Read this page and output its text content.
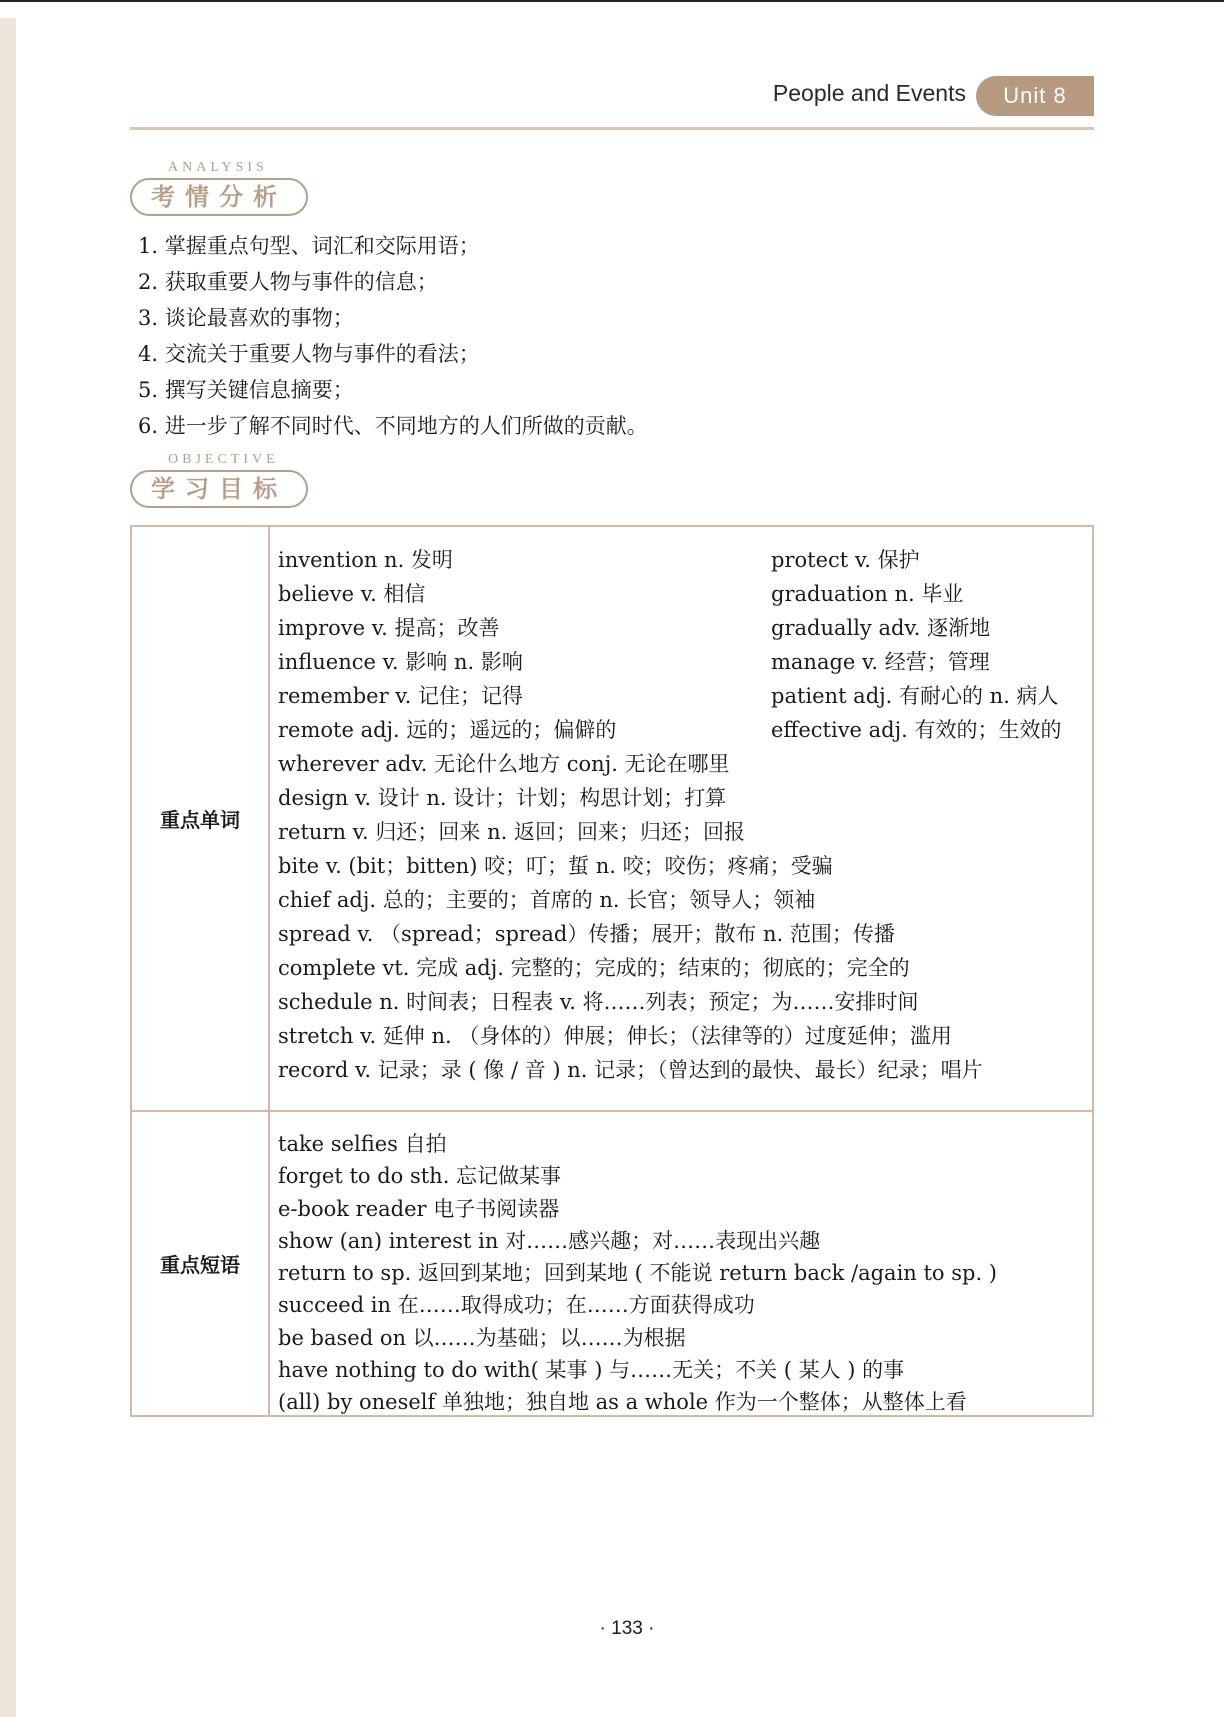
People and Events	Unit 8
ANALYSIS
考情分析
1. 掌握重点句型、词汇和交际用语；
2. 获取重要人物与事件的信息；
3. 谈论最喜欢的事物；
4. 交流关于重要人物与事件的看法；
5. 撰写关键信息摘要；
6. 进一步了解不同时代、不同地方的人们所做的贡献。
OBJECTIVE
学习目标
重点单词
invention n. 发明	protect v. 保护
believe v. 相信	graduation n. 毕业
improve v. 提高；改善	gradually adv. 逐渐地
influence v. 影响 n. 影响	manage v. 经营；管理
remember v. 记住；记得	patient adj. 有耐心的 n. 病人
remote adj. 远的；遥远的；偏僻的	effective adj. 有效的；生效的
wherever adv. 无论什么地方 conj. 无论在哪里
design v. 设计 n. 设计；计划；构思计划；打算
return v. 归还；回来 n. 返回；回来；归还；回报
bite v. (bit；bitten) 咬；叮；蜇 n. 咬；咬伤；疼痛；受骗
chief adj. 总的；主要的；首席的 n. 长官；领导人；领袖
spread v. （spread；spread）传播；展开；散布 n. 范围；传播
complete vt. 完成 adj. 完整的；完成的；结束的；彻底的；完全的
schedule n. 时间表；日程表 v. 将……列表；预定；为……安排时间
stretch v. 延伸 n. （身体的）伸展；伸长；（法律等的）过度延伸；滥用
record v. 记录；录 ( 像 / 音 ) n. 记录；（曾达到的最快、最长）纪录；唱片
重点短语
take selfies 自拍
forget to do sth. 忘记做某事
e-book reader 电子书阅读器
show (an) interest in 对……感兴趣；对……表现出兴趣
return to sp. 返回到某地；回到某地 ( 不能说 return back /again to sp. )
succeed in 在……取得成功；在……方面获得成功
be based on 以……为基础；以……为根据
have nothing to do with( 某事 ) 与……无关；不关 ( 某人 ) 的事
(all) by oneself 单独地；独自地 as a whole 作为一个整体；从整体上看
· 133 ·
